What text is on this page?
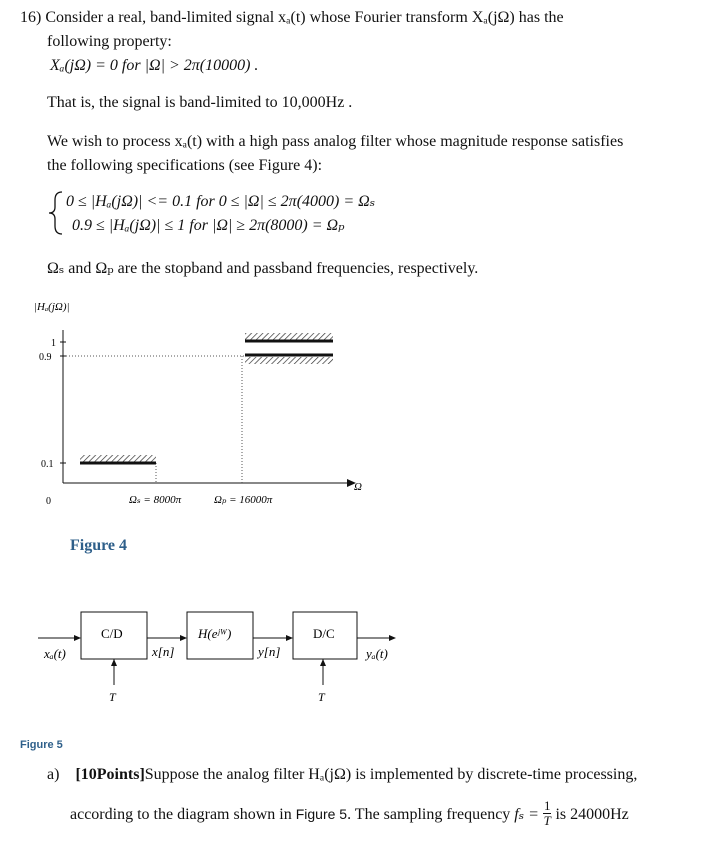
16) Consider a real, band-limited signal xₐ(t) whose Fourier transform Xₐ(jΩ) has the
following property:
Xₐ(jΩ) = 0 for |Ω| > 2π(10000) .
That is, the signal is band-limited to 10,000Hz .
We wish to process xₐ(t) with a high pass analog filter whose magnitude response satisfies
the following specifications (see Figure 4):
0 ≤ |Hₐ(jΩ)| <= 0.1 for 0 ≤ |Ω| ≤ 2π(4000) = Ωₛ
0.9 ≤ |Hₐ(jΩ)| ≤ 1 for |Ω| ≥ 2π(8000) = Ωₚ
Ωₛ and Ωₚ are the stopband and passband frequencies, respectively.
|Hₐ(jΩ)|
1
0.9
0.1
0	Ωₛ = 8000π	Ωₚ = 16000π
Ω
Figure 4
C/D	H(eʲᵂ)	D/C
xₐ(t)	x[n]	y[n]	yₐ(t)
T	T
Figure 5
a) [10Points]Suppose the analog filter Hₐ(jΩ) is implemented by discrete-time processing,
according to the diagram shown in Figure 5. The sampling frequency $f_s = \frac{1}{T}$ is 24000Hz
